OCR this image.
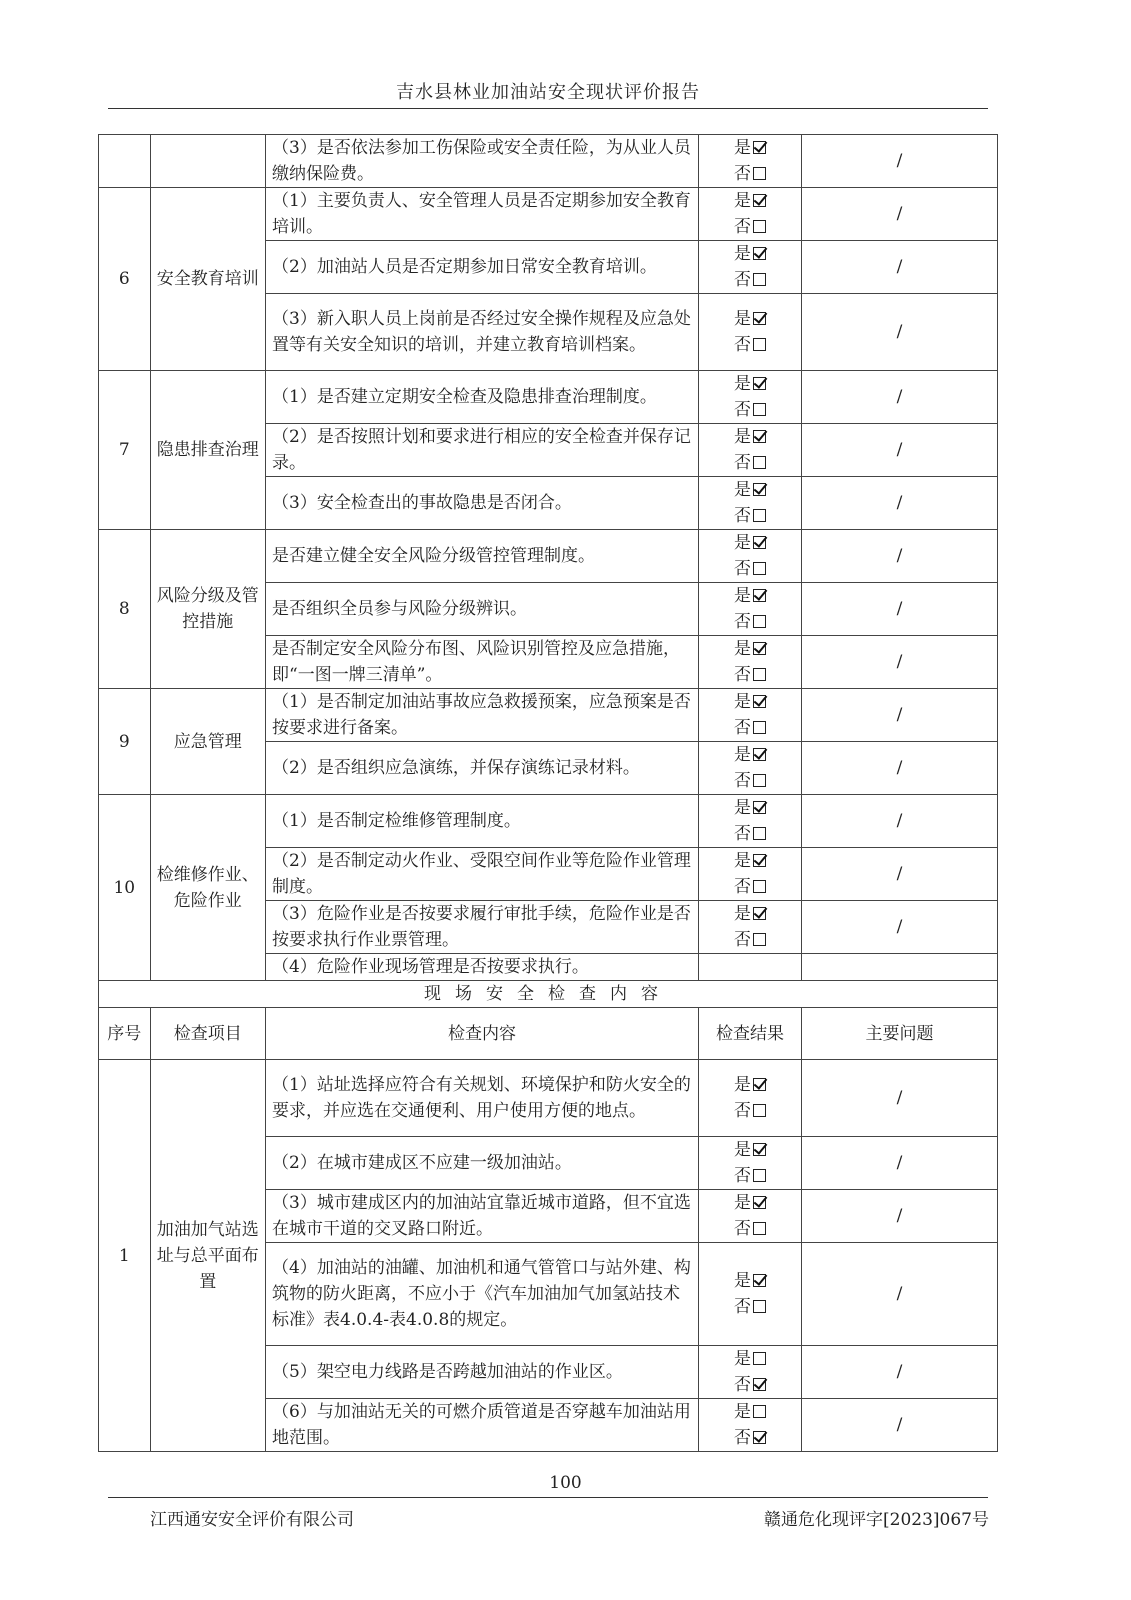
吉水县林业加油站安全现状评价报告
		（3）是否依法参加工伤保险或安全责任险，为从业人员缴纳保险费。	是
否	/
6	安全教育培训	（1）主要负责人、安全管理人员是否定期参加安全教育培训。	是
否	/
		（2）加油站人员是否定期参加日常安全教育培训。	是
否	/
		（3）新入职人员上岗前是否经过安全操作规程及应急处置等有关安全知识的培训，并建立教育培训档案。	是
否	/
7	隐患排查治理	（1）是否建立定期安全检查及隐患排查治理制度。	是
否	/
		（2）是否按照计划和要求进行相应的安全检查并保存记录。	是
否	/
		（3）安全检查出的事故隐患是否闭合。	是
否	/
8	风险分级及管控措施	是否建立健全安全风险分级管控管理制度。	是
否	/
		是否组织全员参与风险分级辨识。	是
否	/
		是否制定安全风险分布图、风险识别管控及应急措施，即“一图一牌三清单”。	是
否	/
9	应急管理	（1）是否制定加油站事故应急救援预案，应急预案是否按要求进行备案。	是
否	/
		（2）是否组织应急演练，并保存演练记录材料。	是
否	/
10	检维修作业、危险作业	（1）是否制定检维修管理制度。	是
否	/
		（2）是否制定动火作业、受限空间作业等危险作业管理制度。	是
否	/
		（3）危险作业是否按要求履行审批手续，危险作业是否按要求执行作业票管理。	是
否	/
		（4）危险作业现场管理是否按要求执行。		
现场安全检查内容				
序号	检查项目	检查内容	检查结果	主要问题
1	加油加气站选址与总平面布置	（1）站址选择应符合有关规划、环境保护和防火安全的要求，并应选在交通便利、用户使用方便的地点。	是
否	/
		（2）在城市建成区不应建一级加油站。	是
否	/
		（3）城市建成区内的加油站宜靠近城市道路，但不宜选在城市干道的交叉路口附近。	是
否	/
		（4）加油站的油罐、加油机和通气管管口与站外建、构筑物的防火距离，不应小于《汽车加油加气加氢站技术标准》表4.0.4-表4.0.8的规定。	是
否	/
		（5）架空电力线路是否跨越加油站的作业区。	是
否	/
		（6）与加油站无关的可燃介质管道是否穿越车加油站用地范围。	是
否	/
100
江西通安安全评价有限公司	赣通危化现评字[2023]067号
